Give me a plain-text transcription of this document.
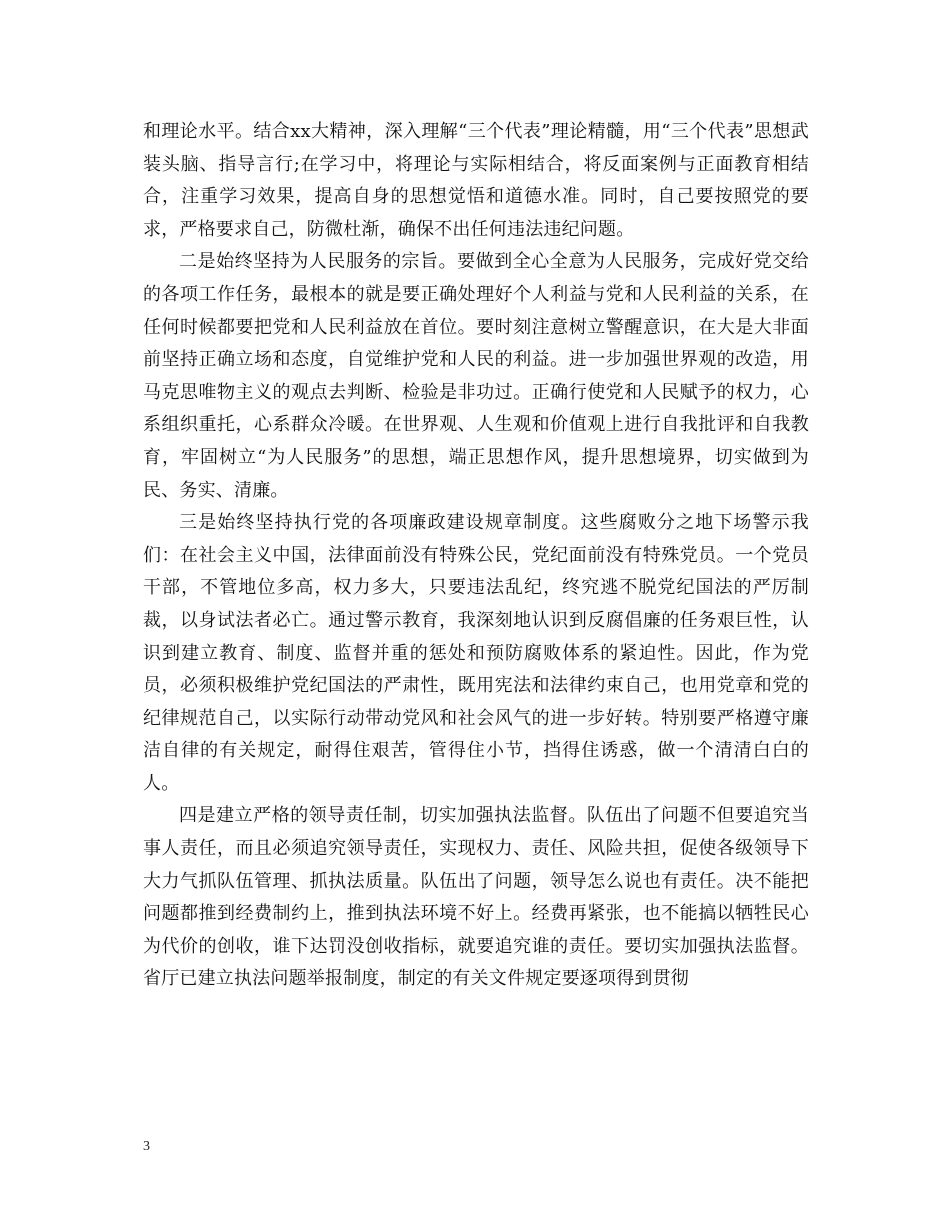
和理论水平。结合xx大精神，深入理解“三个代表”理论精髓，用“三个代表”思想武装头脑、指导言行;在学习中，将理论与实际相结合，将反面案例与正面教育相结合，注重学习效果，提高自身的思想觉悟和道德水准。同时，自己要按照党的要求，严格要求自己，防微杜渐，确保不出任何违法违纪问题。

二是始终坚持为人民服务的宗旨。要做到全心全意为人民服务，完成好党交给的各项工作任务，最根本的就是要正确处理好个人利益与党和人民利益的关系，在任何时候都要把党和人民利益放在首位。要时刻注意树立警醒意识，在大是大非面前坚持正确立场和态度，自觉维护党和人民的利益。进一步加强世界观的改造，用马克思唯物主义的观点去判断、检验是非功过。正确行使党和人民赋予的权力，心系组织重托，心系群众冷暖。在世界观、人生观和价值观上进行自我批评和自我教育，牢固树立“为人民服务”的思想，端正思想作风，提升思想境界，切实做到为民、务实、清廉。

三是始终坚持执行党的各项廉政建设规章制度。这些腐败分之地下场警示我们：在社会主义中国，法律面前没有特殊公民，党纪面前没有特殊党员。一个党员干部，不管地位多高，权力多大，只要违法乱纪，终究逃不脱党纪国法的严厉制裁，以身试法者必亡。通过警示教育，我深刻地认识到反腐倡廉的任务艰巨性，认识到建立教育、制度、监督并重的惩处和预防腐败体系的紧迫性。因此，作为党员，必须积极维护党纪国法的严肃性，既用宪法和法律约束自己，也用党章和党的纪律规范自己，以实际行动带动党风和社会风气的进一步好转。特别要严格遵守廉洁自律的有关规定，耐得住艰苦，管得住小节，挡得住诱惑，做一个清清白白的人。

四是建立严格的领导责任制，切实加强执法监督。队伍出了问题不但要追究当事人责任，而且必须追究领导责任，实现权力、责任、风险共担，促使各级领导下大力气抓队伍管理、抓执法质量。队伍出了问题，领导怎么说也有责任。决不能把问题都推到经费制约上，推到执法环境不好上。经费再紧张，也不能搞以牺牲民心为代价的创收，谁下达罚没创收指标，就要追究谁的责任。要切实加强执法监督。省厅已建立执法问题举报制度，制定的有关文件规定要逐项得到贯彻

3
